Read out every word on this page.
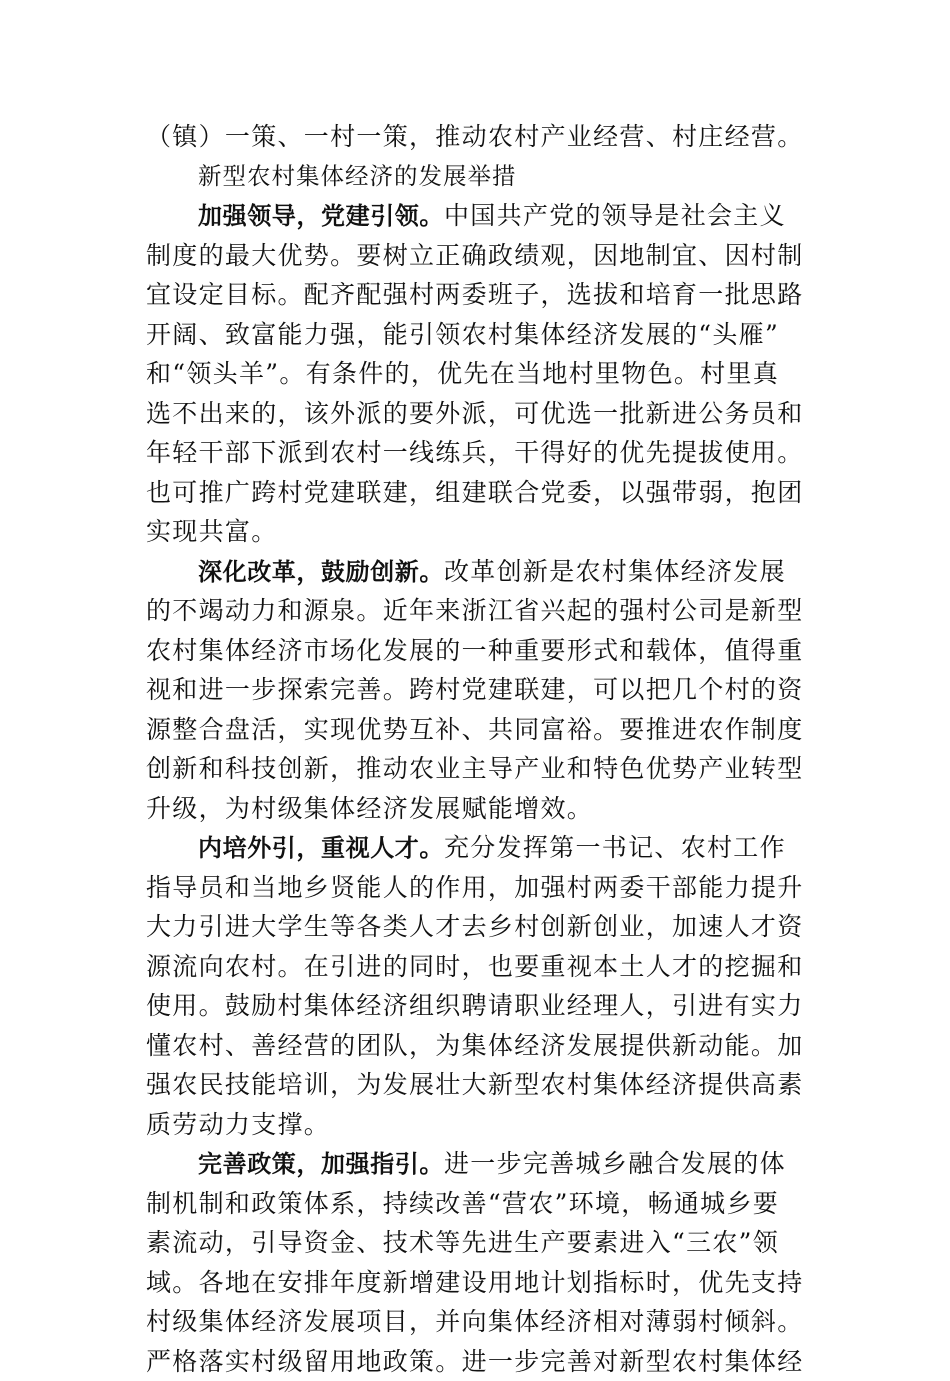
（镇）一策、一村一策，推动农村产业经营、村庄经营。

新型农村集体经济的发展举措

加强领导，党建引领。中国共产党的领导是社会主义

制度的最大优势。要树立正确政绩观，因地制宜、因村制

宜设定目标。配齐配强村两委班子，选拔和培育一批思路

开阔、致富能力强，能引领农村集体经济发展的“头雁”

和“领头羊”。有条件的，优先在当地村里物色。村里真

选不出来的，该外派的要外派，可优选一批新进公务员和

年轻干部下派到农村一线练兵，干得好的优先提拔使用。

也可推广跨村党建联建，组建联合党委，以强带弱，抱团

实现共富。

深化改革，鼓励创新。改革创新是农村集体经济发展

的不竭动力和源泉。近年来浙江省兴起的强村公司是新型

农村集体经济市场化发展的一种重要形式和载体，值得重

视和进一步探索完善。跨村党建联建，可以把几个村的资

源整合盘活，实现优势互补、共同富裕。要推进农作制度

创新和科技创新，推动农业主导产业和特色优势产业转型

升级，为村级集体经济发展赋能增效。

内培外引，重视人才。充分发挥第一书记、农村工作

指导员和当地乡贤能人的作用，加强村两委干部能力提升

大力引进大学生等各类人才去乡村创新创业，加速人才资

源流向农村。在引进的同时，也要重视本土人才的挖掘和

使用。鼓励村集体经济组织聘请职业经理人，引进有实力

懂农村、善经营的团队，为集体经济发展提供新动能。加

强农民技能培训，为发展壮大新型农村集体经济提供高素

质劳动力支撑。

完善政策，加强指引。进一步完善城乡融合发展的体

制机制和政策体系，持续改善“营农”环境，畅通城乡要

素流动，引导资金、技术等先进生产要素进入“三农”领

域。各地在安排年度新增建设用地计划指标时，优先支持

村级集体经济发展项目，并向集体经济相对薄弱村倾斜。

严格落实村级留用地政策。进一步完善对新型农村集体经
